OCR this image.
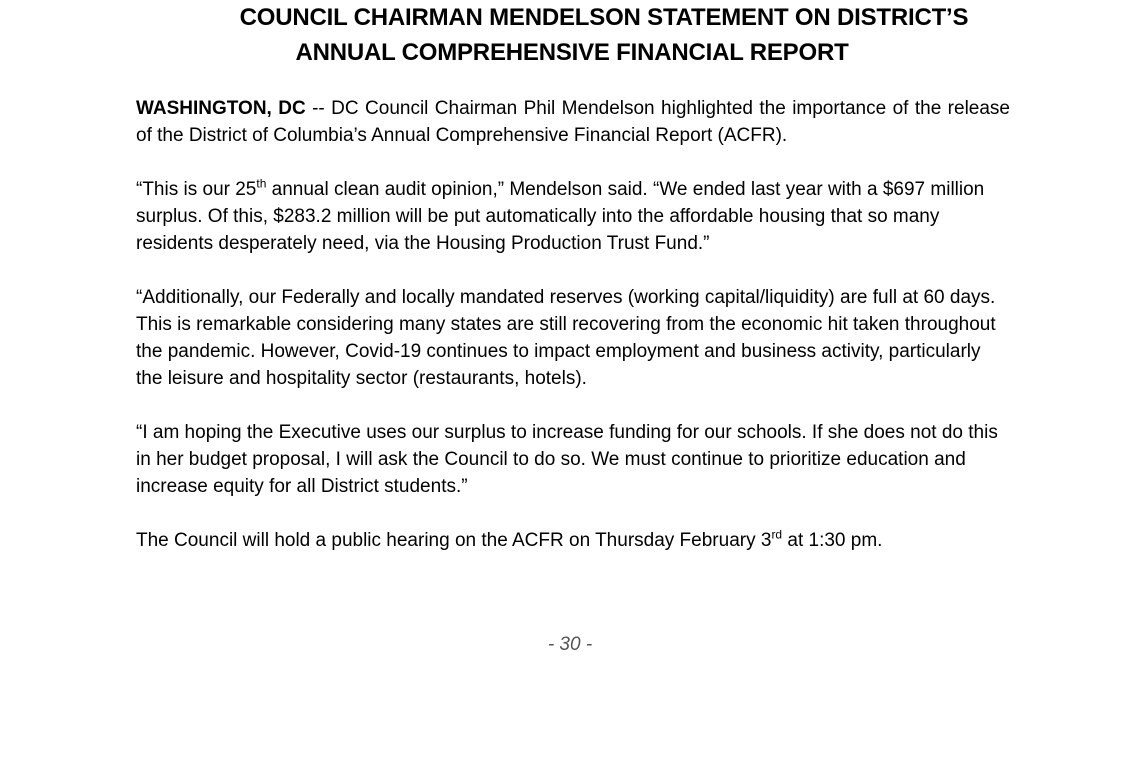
COUNCIL CHAIRMAN MENDELSON STATEMENT ON DISTRICT’S
ANNUAL COMPREHENSIVE FINANCIAL REPORT

WASHINGTON, DC -- DC Council Chairman Phil Mendelson highlighted the importance of the release of the District of Columbia’s Annual Comprehensive Financial Report (ACFR).

“This is our 25th annual clean audit opinion,” Mendelson said. “We ended last year with a $697 million surplus. Of this, $283.2 million will be put automatically into the affordable housing that so many residents desperately need, via the Housing Production Trust Fund.”

“Additionally, our Federally and locally mandated reserves (working capital/liquidity) are full at 60 days. This is remarkable considering many states are still recovering from the economic hit taken throughout the pandemic. However, Covid-19 continues to impact employment and business activity, particularly the leisure and hospitality sector (restaurants, hotels).

“I am hoping the Executive uses our surplus to increase funding for our schools. If she does not do this in her budget proposal, I will ask the Council to do so. We must continue to prioritize education and increase equity for all District students.”

The Council will hold a public hearing on the ACFR on Thursday February 3rd at 1:30 pm.

- 30 -
